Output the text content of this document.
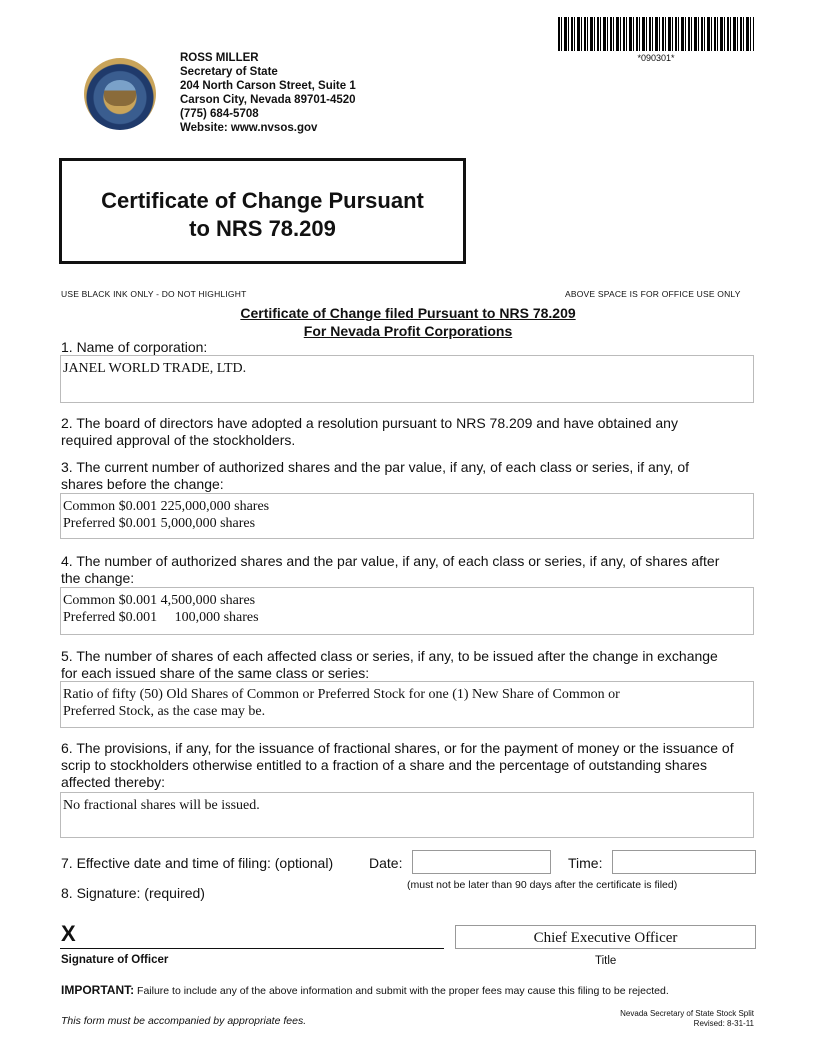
ROSS MILLER
Secretary of State
204 North Carson Street, Suite 1
Carson City, Nevada 89701-4520
(775) 684-5708
Website: www.nvsos.gov
*090301*
Certificate of Change Pursuant
to NRS 78.209
USE BLACK INK ONLY - DO NOT HIGHLIGHT	ABOVE SPACE IS FOR OFFICE USE ONLY
Certificate of Change filed Pursuant to NRS 78.209
For Nevada Profit Corporations
1. Name of corporation:
JANEL WORLD TRADE, LTD.
2. The board of directors have adopted a resolution pursuant to NRS 78.209 and have obtained any
required approval of the stockholders.
3. The current number of authorized shares and the par value, if any, of each class or series, if any, of
shares before the change:
Common $0.001 225,000,000 shares
Preferred $0.001 5,000,000 shares
4. The number of authorized shares and the par value, if any, of each class or series, if any, of shares after
the change:
Common $0.001 4,500,000 shares
Preferred $0.001     100,000 shares
5. The number of shares of each affected class or series, if any, to be issued after the change in exchange
for each issued share of the same class or series:
Ratio of fifty (50) Old Shares of Common or Preferred Stock for one (1) New Share of Common or
Preferred Stock, as the case may be.
6. The provisions, if any, for the issuance of fractional shares, or for the payment of money or the issuance of
scrip to stockholders otherwise entitled to a fraction of a share and the percentage of outstanding shares
affected thereby:
No fractional shares will be issued.
7. Effective date and time of filing: (optional)	Date:	Time:
(must not be later than 90 days after the certificate is filed)
8. Signature: (required)
X
Signature of Officer
Chief Executive Officer
Title
IMPORTANT: Failure to include any of the above information and submit with the proper fees may cause this filing to be rejected.
This form must be accompanied by appropriate fees.
Nevada Secretary of State Stock Split
Revised: 8-31-11
